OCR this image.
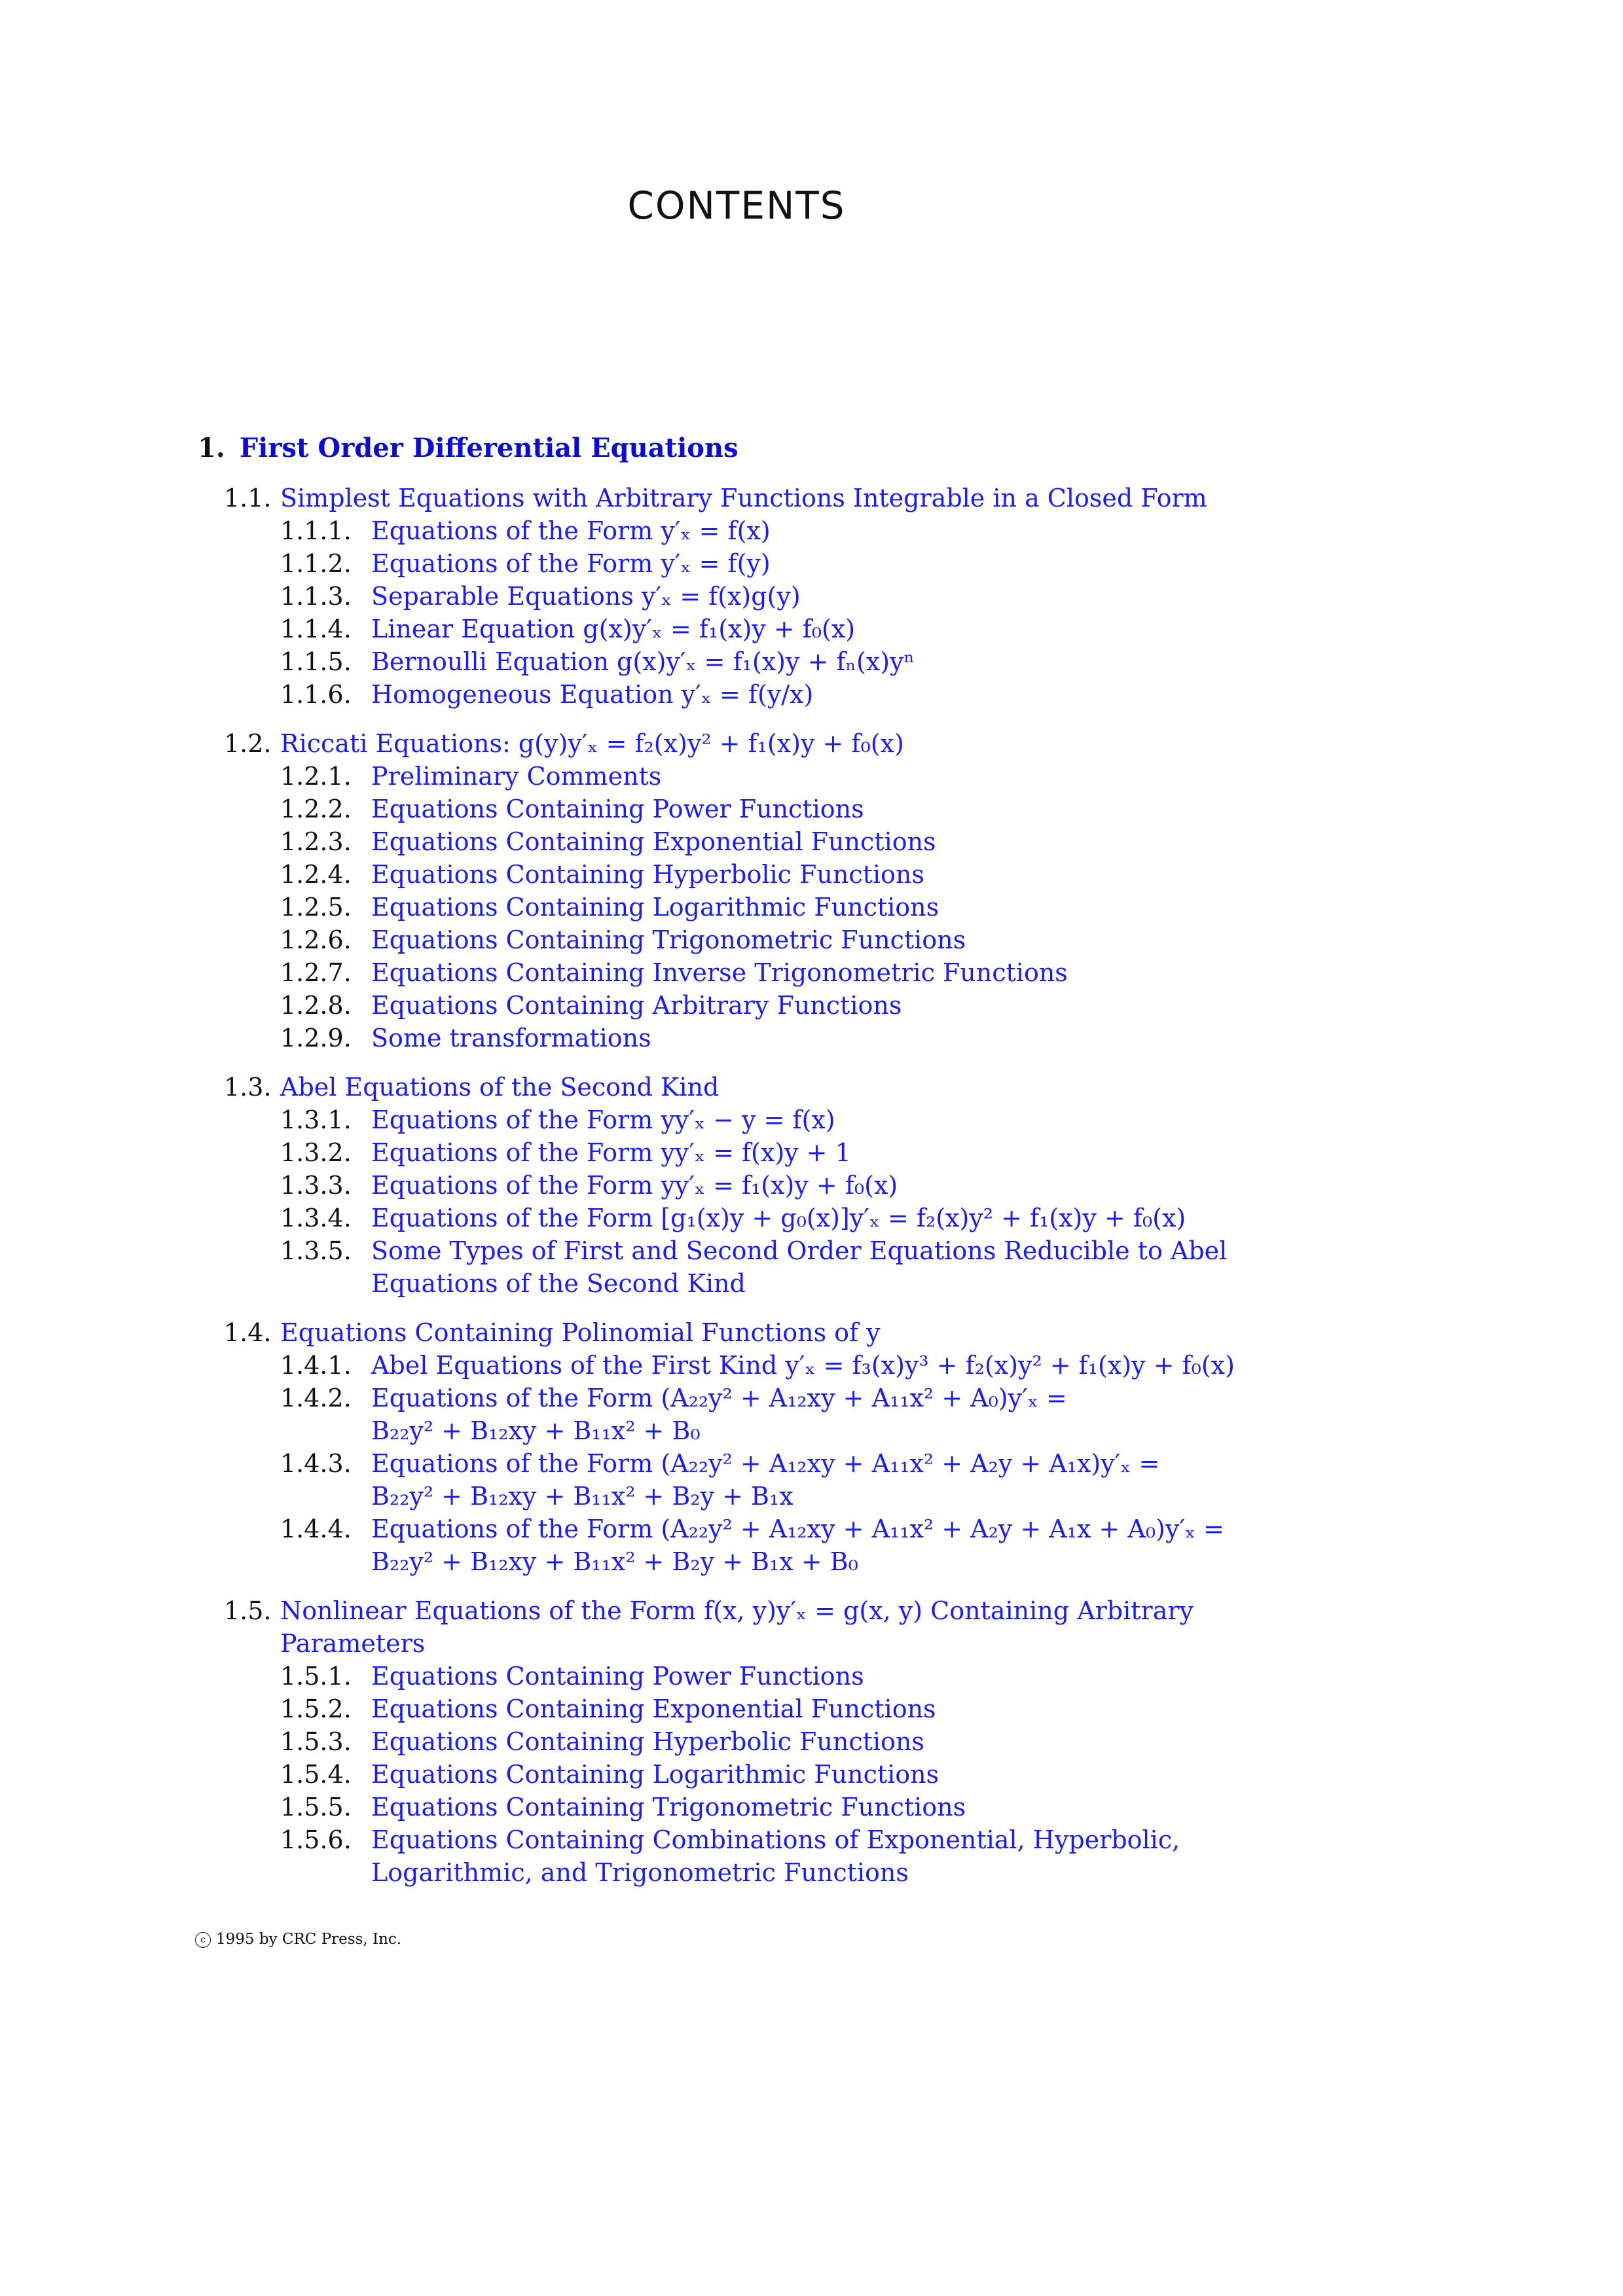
CONTENTS
1. First Order Differential Equations
1.1. Simplest Equations with Arbitrary Functions Integrable in a Closed Form
1.1.1. Equations of the Form y′ₓ = f(x)
1.1.2. Equations of the Form y′ₓ = f(y)
1.1.3. Separable Equations y′ₓ = f(x)g(y)
1.1.4. Linear Equation g(x)y′ₓ = f₁(x)y + f₀(x)
1.1.5. Bernoulli Equation g(x)y′ₓ = f₁(x)y + fₙ(x)yⁿ
1.1.6. Homogeneous Equation y′ₓ = f(y/x)
1.2. Riccati Equations: g(y)y′ₓ = f₂(x)y² + f₁(x)y + f₀(x)
1.2.1. Preliminary Comments
1.2.2. Equations Containing Power Functions
1.2.3. Equations Containing Exponential Functions
1.2.4. Equations Containing Hyperbolic Functions
1.2.5. Equations Containing Logarithmic Functions
1.2.6. Equations Containing Trigonometric Functions
1.2.7. Equations Containing Inverse Trigonometric Functions
1.2.8. Equations Containing Arbitrary Functions
1.2.9. Some transformations
1.3. Abel Equations of the Second Kind
1.3.1. Equations of the Form yy′ₓ − y = f(x)
1.3.2. Equations of the Form yy′ₓ = f(x)y + 1
1.3.3. Equations of the Form yy′ₓ = f₁(x)y + f₀(x)
1.3.4. Equations of the Form [g₁(x)y + g₀(x)]y′ₓ = f₂(x)y² + f₁(x)y + f₀(x)
1.3.5. Some Types of First and Second Order Equations Reducible to Abel
Equations of the Second Kind
1.4. Equations Containing Polinomial Functions of y
1.4.1. Abel Equations of the First Kind y′ₓ = f₃(x)y³ + f₂(x)y² + f₁(x)y + f₀(x)
1.4.2. Equations of the Form (A₂₂y² + A₁₂xy + A₁₁x² + A₀)y′ₓ =
B₂₂y² + B₁₂xy + B₁₁x² + B₀
1.4.3. Equations of the Form (A₂₂y² + A₁₂xy + A₁₁x² + A₂y + A₁x)y′ₓ =
B₂₂y² + B₁₂xy + B₁₁x² + B₂y + B₁x
1.4.4. Equations of the Form (A₂₂y² + A₁₂xy + A₁₁x² + A₂y + A₁x + A₀)y′ₓ =
B₂₂y² + B₁₂xy + B₁₁x² + B₂y + B₁x + B₀
1.5. Nonlinear Equations of the Form f(x, y)y′ₓ = g(x, y) Containing Arbitrary
Parameters
1.5.1. Equations Containing Power Functions
1.5.2. Equations Containing Exponential Functions
1.5.3. Equations Containing Hyperbolic Functions
1.5.4. Equations Containing Logarithmic Functions
1.5.5. Equations Containing Trigonometric Functions
1.5.6. Equations Containing Combinations of Exponential, Hyperbolic,
Logarithmic, and Trigonometric Functions
c 1995 by CRC Press, Inc.
